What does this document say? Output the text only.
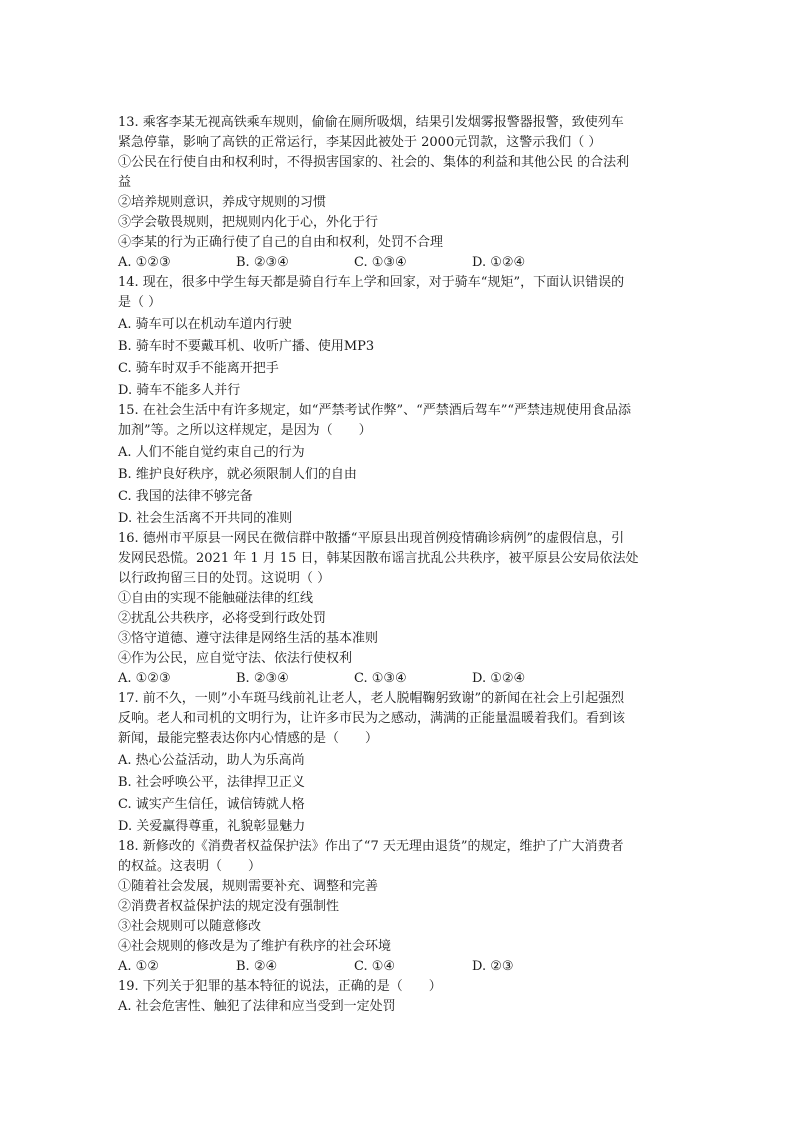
13. 乘客李某无视高铁乘车规则，偷偷在厕所吸烟，结果引发烟雾报警器报警，致使列车
紧急停靠，影响了高铁的正常运行，李某因此被处于 2000元罚款，这警示我们（ ）
①公民在行使自由和权利时，不得损害国家的、社会的、集体的利益和其他公民 的合法利
益
②培养规则意识，养成守规则的习惯
③学会敬畏规则，把规则内化于心，外化于行
④李某的行为正确行使了自己的自由和权利，处罚不合理
A. ①②③	B. ②③④	C. ①③④	D. ①②④
14. 现在，很多中学生每天都是骑自行车上学和回家，对于骑车“规矩”，下面认识错误的
是（ ）
A. 骑车可以在机动车道内行驶
B. 骑车时不要戴耳机、收听广播、使用MP3
C. 骑车时双手不能离开把手
D. 骑车不能多人并行
15. 在社会生活中有许多规定，如“严禁考试作弊”、“严禁酒后驾车”“严禁违规使用食品添
加剂”等。之所以这样规定，是因为（　　）
A. 人们不能自觉约束自己的行为
B. 维护良好秩序，就必须限制人们的自由
C. 我国的法律不够完备
D. 社会生活离不开共同的准则
16. 德州市平原县一网民在微信群中散播“平原县出现首例疫情确诊病例”的虚假信息，引
发网民恐慌。2021 年 1 月 15 日，韩某因散布谣言扰乱公共秩序，被平原县公安局依法处
以行政拘留三日的处罚。这说明（ ）
①自由的实现不能触碰法律的红线
②扰乱公共秩序，必将受到行政处罚
③恪守道德、遵守法律是网络生活的基本准则
④作为公民，应自觉守法、依法行使权利
A. ①②③	B. ②③④	C. ①③④	D. ①②④
17. 前不久，一则”小车斑马线前礼让老人，老人脱帽鞠躬致谢”的新闻在社会上引起强烈
反响。老人和司机的文明行为，让许多市民为之感动，满满的正能量温暖着我们。看到该
新闻，最能完整表达你内心情感的是（　　）
A. 热心公益活动，助人为乐高尚
B. 社会呼唤公平，法律捍卫正义
C. 诚实产生信任，诚信铸就人格
D. 关爱赢得尊重，礼貌彰显魅力
18. 新修改的《消费者权益保护法》作出了“7 天无理由退货”的规定，维护了广大消费者
的权益。这表明（　　）
①随着社会发展，规则需要补充、调整和完善
②消费者权益保护法的规定没有强制性
③社会规则可以随意修改
④社会规则的修改是为了维护有秩序的社会环境
A. ①②	B. ②④	C. ①④	D. ②③
19. 下列关于犯罪的基本特征的说法，正确的是（　　）
A. 社会危害性、触犯了法律和应当受到一定处罚
